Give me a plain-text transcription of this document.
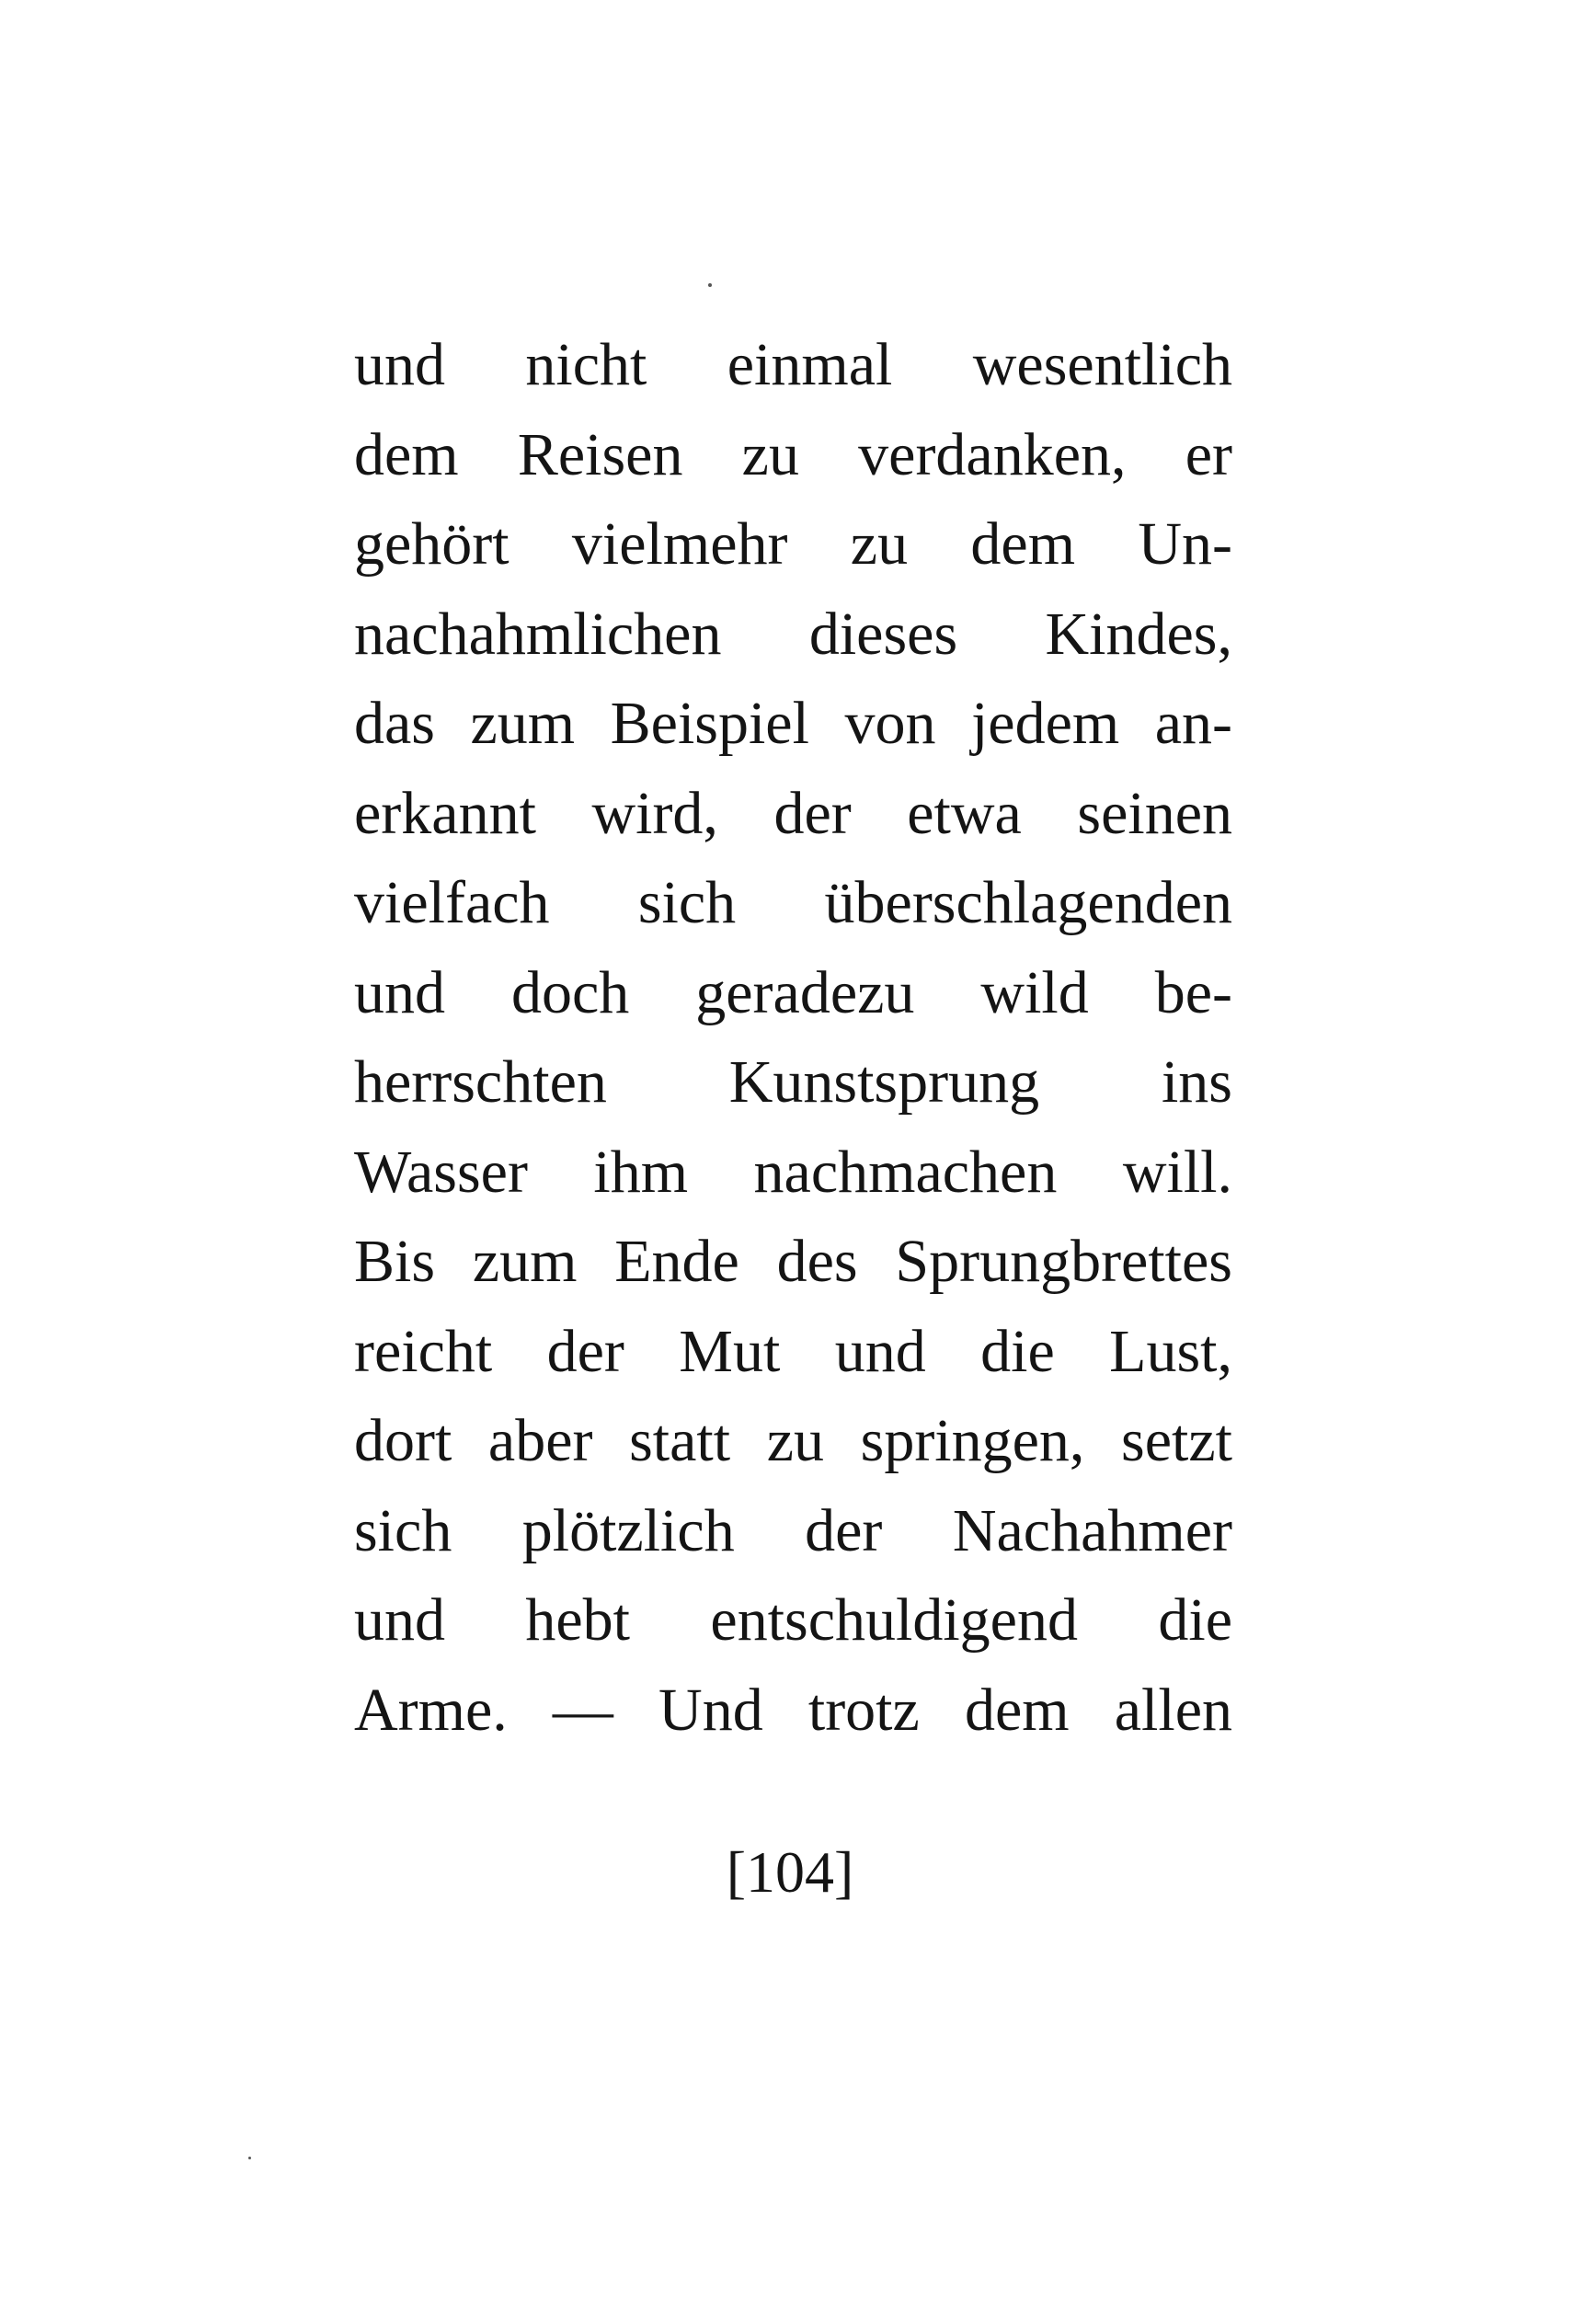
und nicht einmal wesentlich
dem Reisen zu verdanken, er
gehört vielmehr zu dem Un-
nachahmlichen dieses Kindes,
das zum Beispiel von jedem an-
erkannt wird, der etwa seinen
vielfach sich überschlagenden
und doch geradezu wild be-
herrschten Kunstsprung ins
Wasser ihm nachmachen will.
Bis zum Ende des Sprungbrettes
reicht der Mut und die Lust,
dort aber statt zu springen, setzt
sich plötzlich der Nachahmer
und hebt entschuldigend die
Arme. — Und trotz dem allen
[104]
